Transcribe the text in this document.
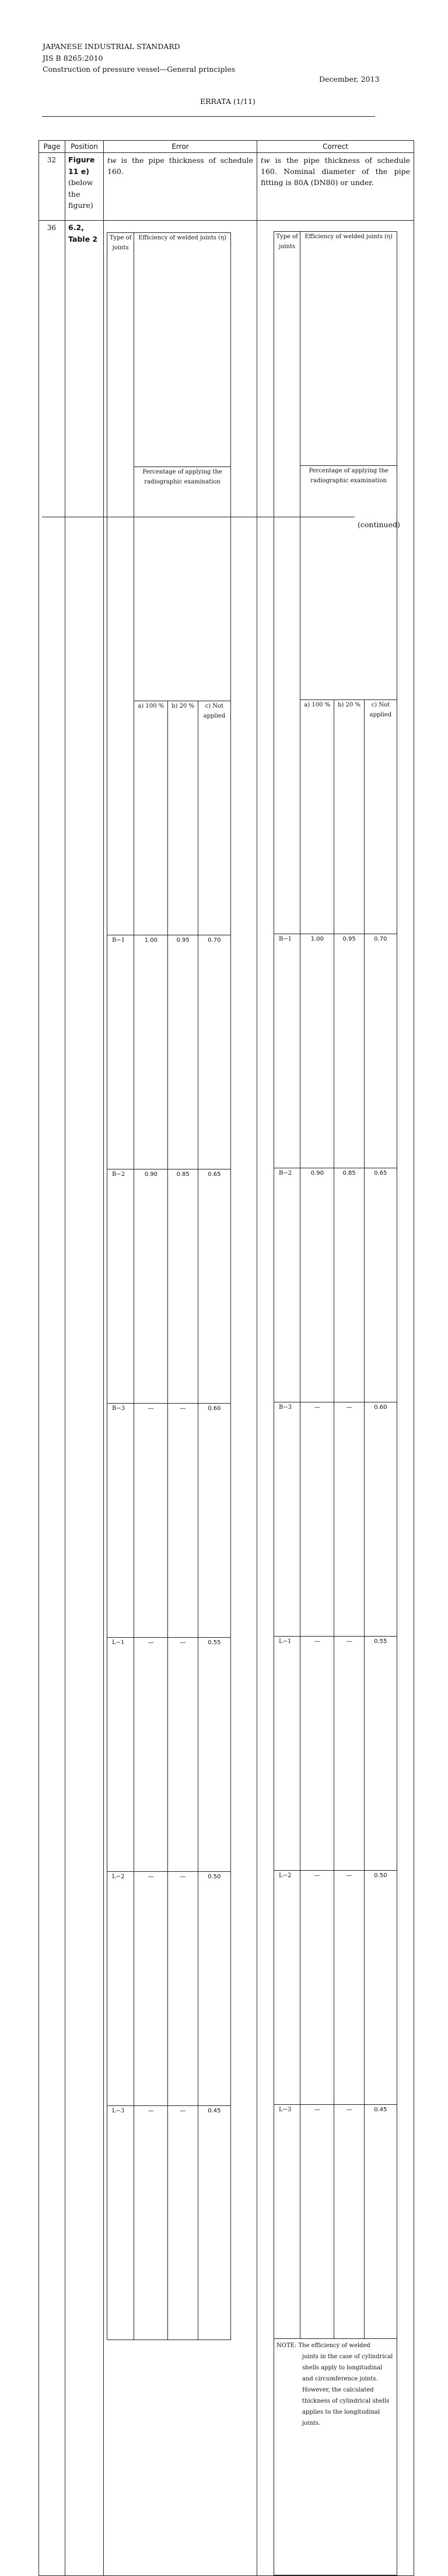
JAPANESE INDUSTRIAL STANDARD
JIS B 8265:2010
Construction of pressure vessel—General principles
December, 2013
ERRATA (1/11)
Page	Position	Error	Correct
32	Figure 11 e)
(below the figure)	tw is the pipe thickness of schedule 160.	tw is the pipe thickness of schedule 160. Nominal diameter of the pipe fitting is 80A (DN80) or under.
36	6.2,
Table 2	Type of joints	Efficiency of welded joints (η)
Percentage of applying the radiographic examination
a) 100 %	b) 20 %	c) Not applied
B−1	1.00	0.95	0.70
B−2	0.90	0.85	0.65
B−3	—	—	0.60
L−1	—	—	0.55
L−2	—	—	0.50
L−3	—	—	0.45

Type of joints	Efficiency of welded joints (η)
Percentage of applying the radiographic examination
a) 100 %	b) 20 %	c) Not applied
B−1	1.00	0.95	0.70
B−2	0.90	0.85	0.65
B−3	—	—	0.60
L−1	—	—	0.55
L−2	—	—	0.50
L−3	—	—	0.45
NOTE: The efficiency of welded
joints in the case of cylindrical shells apply to longitudinal and circumference joints. However, the calculated thickness of cylindrical shells applies to the longitudinal joints.
(continued)
